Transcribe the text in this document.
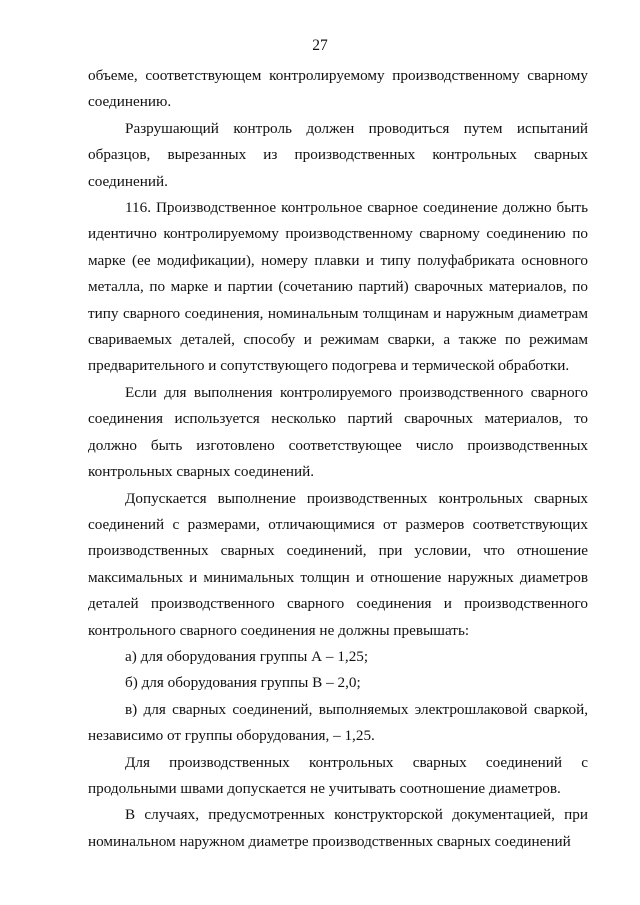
27

объеме, соответствующем контролируемому производственному сварному соединению.

Разрушающий контроль должен проводиться путем испытаний образцов, вырезанных из производственных контрольных сварных соединений.

116. Производственное контрольное сварное соединение должно быть идентично контролируемому производственному сварному соединению по марке (ее модификации), номеру плавки и типу полуфабриката основного металла, по марке и партии (сочетанию партий) сварочных материалов, по типу сварного соединения, номинальным толщинам и наружным диаметрам свариваемых деталей, способу и режимам сварки, а также по режимам предварительного и сопутствующего подогрева и термической обработки.

Если для выполнения контролируемого производственного сварного соединения используется несколько партий сварочных материалов, то должно быть изготовлено соответствующее число производственных контрольных сварных соединений.

Допускается выполнение производственных контрольных сварных соединений с размерами, отличающимися от размеров соответствующих производственных сварных соединений, при условии, что отношение максимальных и минимальных толщин и отношение наружных диаметров деталей производственного сварного соединения и производственного контрольного сварного соединения не должны превышать:

а) для оборудования группы А – 1,25;

б) для оборудования группы В – 2,0;

в) для сварных соединений, выполняемых электрошлаковой сваркой, независимо от группы оборудования, – 1,25.

Для производственных контрольных сварных соединений с продольными швами допускается не учитывать соотношение диаметров.

В случаях, предусмотренных конструкторской документацией, при номинальном наружном диаметре производственных сварных соединений
